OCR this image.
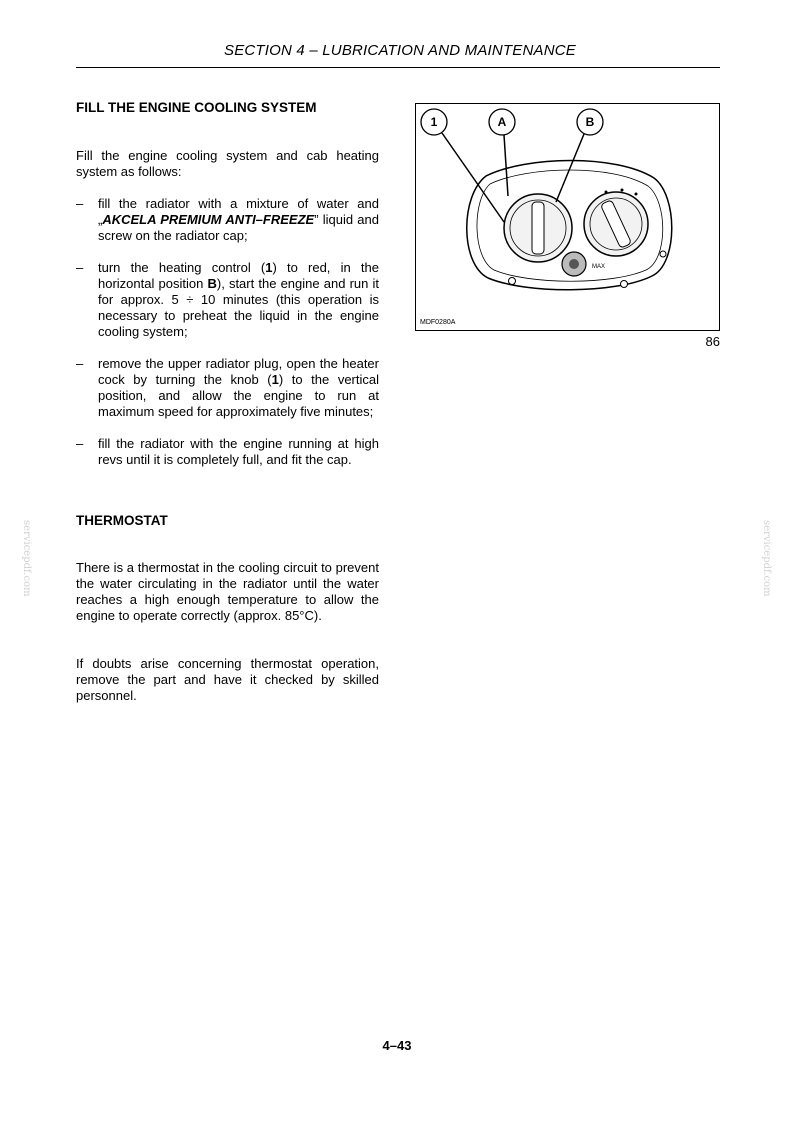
SECTION 4 – LUBRICATION AND MAINTENANCE
FILL THE ENGINE COOLING SYSTEM

Fill the engine cooling system and cab heating system as follows:

– fill the radiator with a mixture of water and „AKCELA PREMIUM ANTI–FREEZE” liquid and screw on the radiator cap;
– turn the heating control (1) to red, in the horizontal position B), start the engine and run it for approx. 5 ÷ 10 minutes (this operation is necessary to preheat the liquid in the engine cooling system;
– remove the upper radiator plug, open the heater cock by turning the knob (1) to the vertical position, and allow the engine to run at maximum speed for approximately five minutes;
– fill the radiator with the engine running at high revs until it is completely full, and fit the cap.
THERMOSTAT

There is a thermostat in the cooling circuit to prevent the water circulating in the radiator until the water reaches a high enough temperature to allow the engine to operate correctly (approx. 85°C).

If doubts arise concerning thermostat operation, remove the part and have it checked by skilled personnel.

MAX
1	A	B
MDF0280A
86
servicepdf.com	servicepdf.com
4–43
